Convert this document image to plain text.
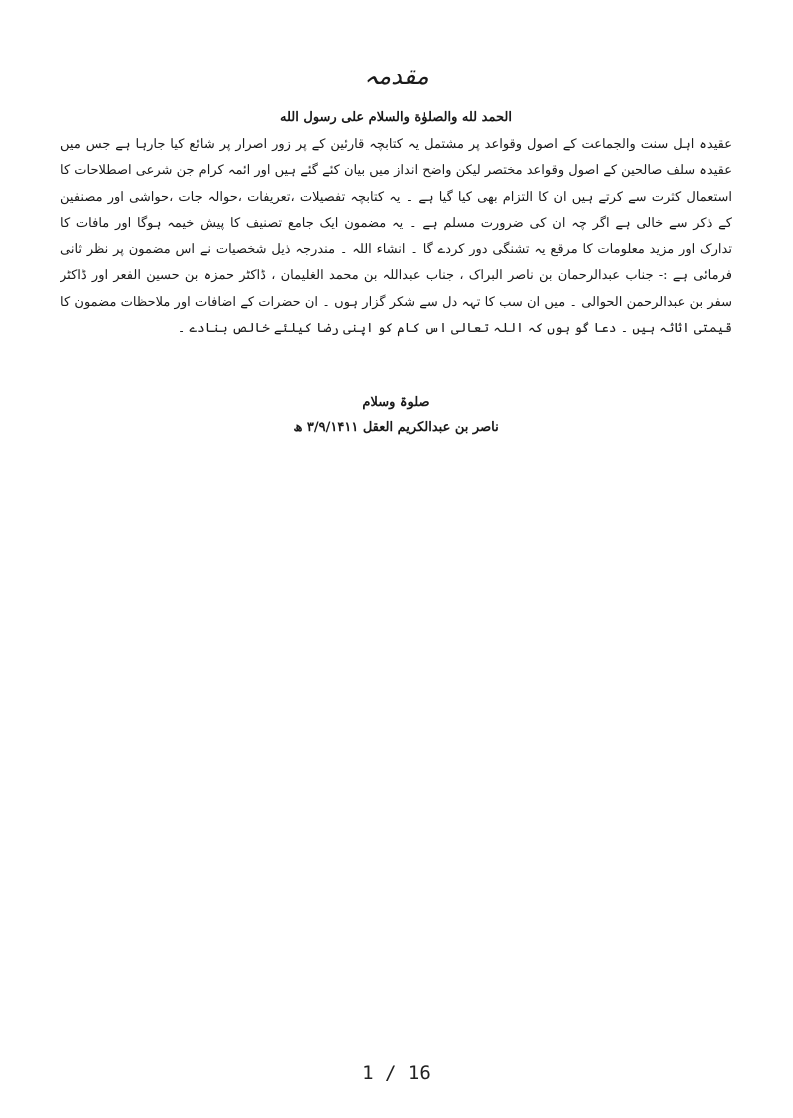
مقدمہ
الحمد لله والصلوٰة والسلام علی رسول الله
عقیدہ اہل سنت والجماعت کے اصول وقواعد پر مشتمل یہ کتابچہ قارئین کے پر زور اصرار پر شائع کیا جارہا ہے جس میں
عقیدہ سلف صالحین کے اصول وقواعد مختصر لیکن واضح انداز میں بیان کئے گئے ہیں اور ائمہ کرام جن شرعی اصطلاحات کا
استعمال کثرت سے کرتے ہیں ان کا التزام بھی کیا گیا ہے ۔ یہ کتابچہ تفصیلات ،تعریفات ،حوالہ جات ،حواشی اور مصنفین
کے ذکر سے خالی ہے اگر چہ ان کی ضرورت مسلم ہے ۔ یہ مضمون ایک جامع تصنیف کا پیش خیمہ ہوگا اور مافات کا
تدارک اور مزید معلومات کا مرقع یہ تشنگی دور کردے گا ۔ انشاء اللہ ۔ مندرجہ ذیل شخصیات نے اس مضمون پر نظر ثانی
فرمائی ہے :- جناب عبدالرحمان بن ناصر البراک ، جناب عبداللہ بن محمد الغلیمان ، ڈاکٹر حمزہ بن حسین الفعر اور ڈاکٹر
سفر بن عبدالرحمن الحوالی ۔ میں ان سب کا تہہ دل سے شکر گزار ہوں ۔ ان حضرات کے اضافات اور ملاحظات مضمون کا
قیمتی اثاثہ ہیں ۔ دعا گو ہوں کہ اللہ تعالی اس کام کو اپنی رضا کیلئے خالص بنادے ۔
صلوۃ وسلام
ناصر بن عبدالکریم العقل ۳/۹/۱۴۱۱ ھ
1 / 16
